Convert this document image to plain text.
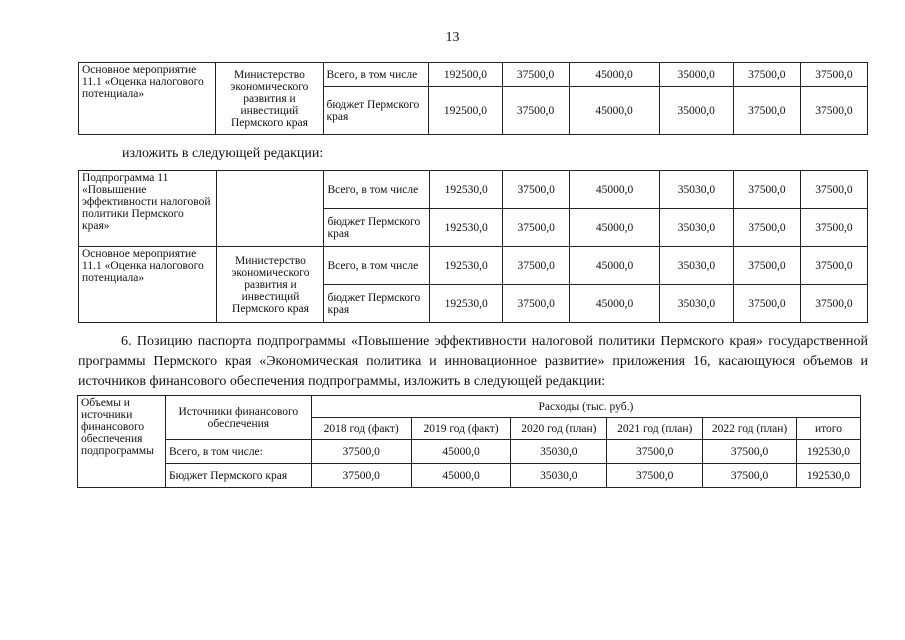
13
Основное мероприятие 11.1 «Оценка налогового потенциала»	Министерство экономического развития и инвестиций Пермского края	Всего, в том числе	192500,0	37500,0	45000,0	35000,0	37500,0	37500,0
		бюджет Пермского края	192500,0	37500,0	45000,0	35000,0	37500,0	37500,0
изложить в следующей редакции:
Подпрограмма 11 «Повышение эффективности налоговой политики Пермского края»		Всего, в том числе	192530,0	37500,0	45000,0	35030,0	37500,0	37500,0
		бюджет Пермского края	192530,0	37500,0	45000,0	35030,0	37500,0	37500,0
Основное мероприятие 11.1 «Оценка налогового потенциала»	Министерство экономического развития и инвестиций Пермского края	Всего, в том числе	192530,0	37500,0	45000,0	35030,0	37500,0	37500,0
		бюджет Пермского края	192530,0	37500,0	45000,0	35030,0	37500,0	37500,0
6. Позицию паспорта подпрограммы «Повышение эффективности налоговой политики Пермского края» государственной программы Пермского края «Экономическая политика и инновационное развитие» приложения 16, касающуюся объемов и источников финансового обеспечения подпрограммы, изложить в следующей редакции:
Объемы и источники финансового обеспечения подпрограммы	Источники финансового обеспечения	Расходы (тыс. руб.)					
		2018 год (факт)	2019 год (факт)	2020 год (план)	2021 год (план)	2022 год (план)	итого
	Всего, в том числе:	37500,0	45000,0	35030,0	37500,0	37500,0	192530,0
	Бюджет Пермского края	37500,0	45000,0	35030,0	37500,0	37500,0	192530,0
